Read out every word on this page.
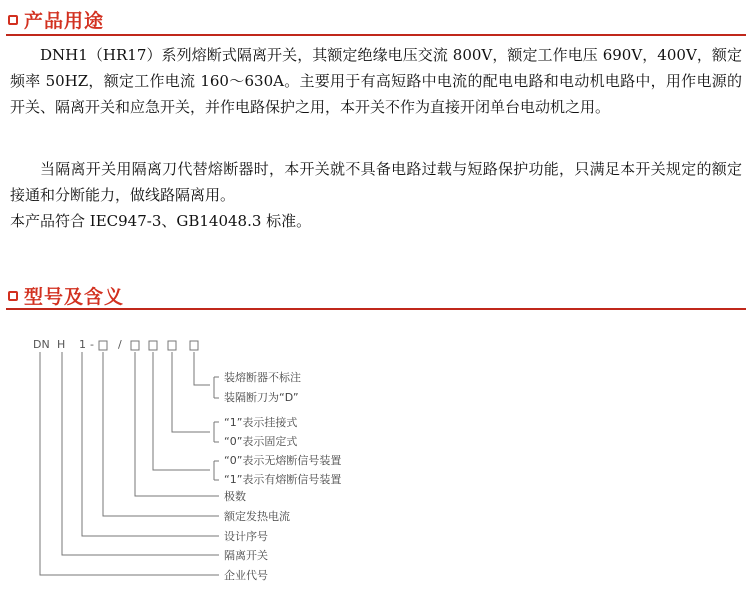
产品用途
DNH1（HR17）系列熔断式隔离开关，其额定绝缘电压交流 800V，额定工作电压 690V，400V，额定频率 50HZ，额定工作电流 160～630A。主要用于有高短路中电流的配电电路和电动机电路中，用作电源的开关、隔离开关和应急开关，并作电路保护之用，本开关不作为直接开闭单台电动机之用。
当隔离开关用隔离刀代替熔断器时，本开关就不具备电路过载与短路保护功能，只满足本开关规定的额定接通和分断能力，做线路隔离用。
本产品符合 IEC947-3、GB14048.3 标准。
型号及含义
DN H 1 - /
装熔断器不标注
装隔断刀为“D”
“1”表示挂接式
“0”表示固定式
“0”表示无熔断信号装置
“1”表示有熔断信号装置
极数
额定发热电流
设计序号
隔离开关
企业代号
